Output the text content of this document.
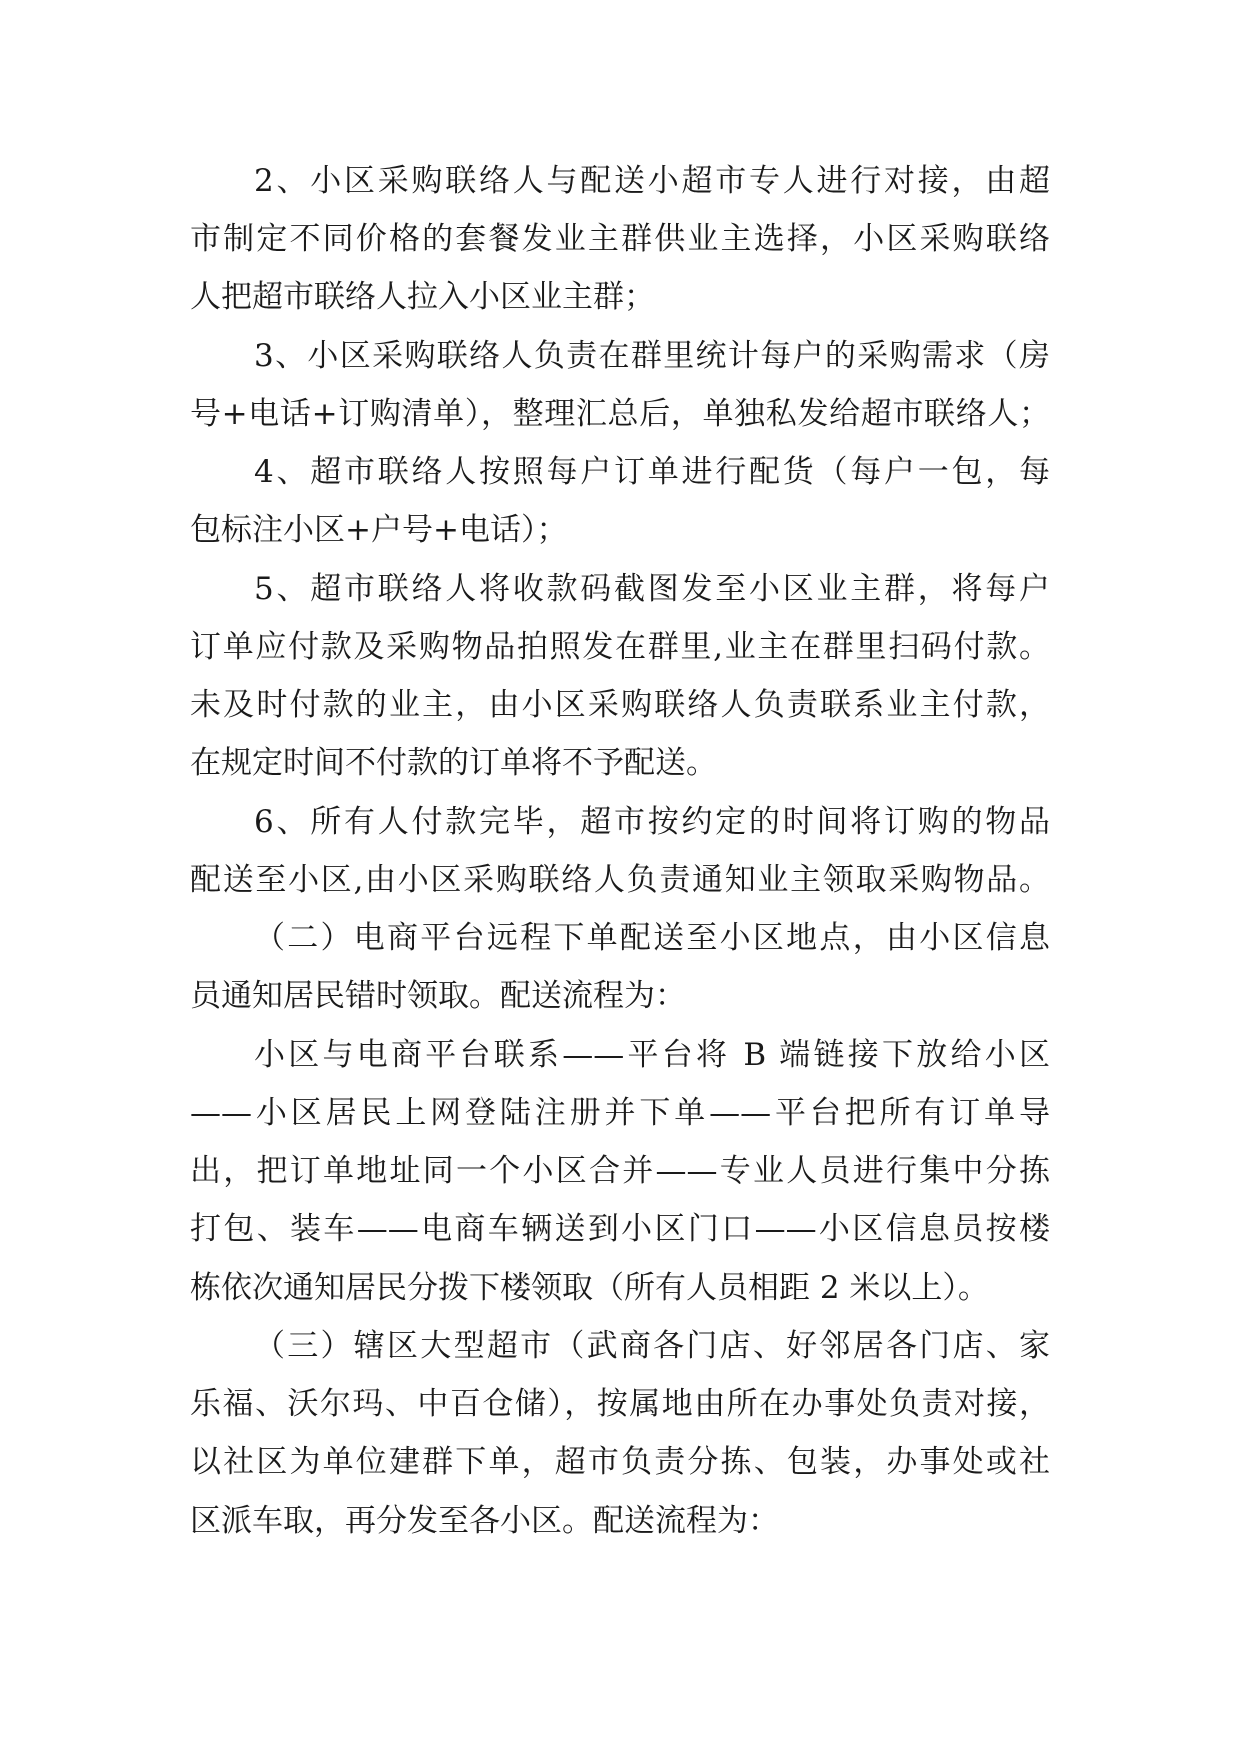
2、小区采购联络人与配送小超市专人进行对接，由超
市制定不同价格的套餐发业主群供业主选择，小区采购联络
人把超市联络人拉入小区业主群；
3、小区采购联络人负责在群里统计每户的采购需求（房
号+电话+订购清单），整理汇总后，单独私发给超市联络人；
4、超市联络人按照每户订单进行配货（每户一包，每
包标注小区+户号+电话）；
5、超市联络人将收款码截图发至小区业主群，将每户
订单应付款及采购物品拍照发在群里,业主在群里扫码付款。
未及时付款的业主，由小区采购联络人负责联系业主付款，
在规定时间不付款的订单将不予配送。
6、所有人付款完毕，超市按约定的时间将订购的物品
配送至小区,由小区采购联络人负责通知业主领取采购物品。
（二）电商平台远程下单配送至小区地点，由小区信息
员通知居民错时领取。配送流程为：
小区与电商平台联系——平台将 B 端链接下放给小区
——小区居民上网登陆注册并下单——平台把所有订单导
出，把订单地址同一个小区合并——专业人员进行集中分拣
打包、装车——电商车辆送到小区门口——小区信息员按楼
栋依次通知居民分拨下楼领取（所有人员相距 2 米以上）。
（三）辖区大型超市（武商各门店、好邻居各门店、家
乐福、沃尔玛、中百仓储），按属地由所在办事处负责对接，
以社区为单位建群下单，超市负责分拣、包装，办事处或社
区派车取，再分发至各小区。配送流程为：
